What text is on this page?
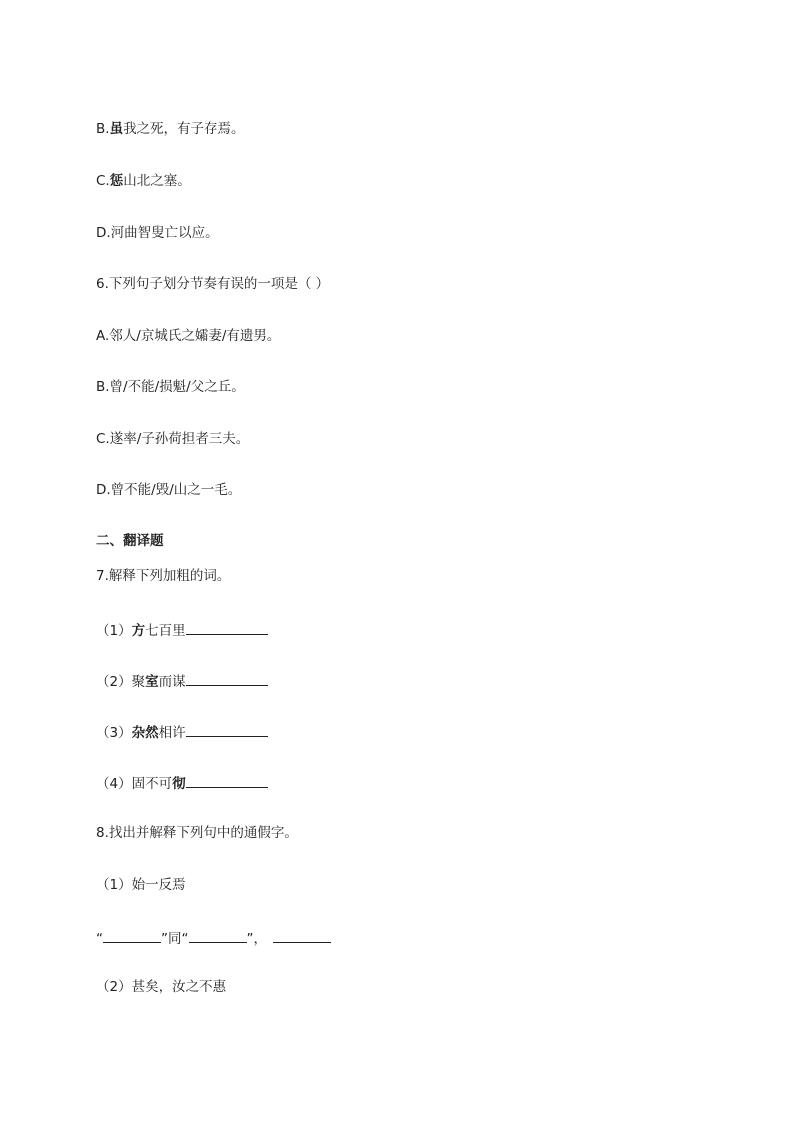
B.虽我之死，有子存焉。
C.惩山北之塞。
D.河曲智叟亡以应。
6.下列句子划分节奏有误的一项是（ ）
A.邻人/京城氏之孀妻/有遗男。
B.曾/不能/损魁/父之丘。
C.遂率/子孙荷担者三夫。
D.曾不能/毁/山之一毛。
二、翻译题
7.解释下列加粗的词。
（1）方七百里
（2）聚室而谋
（3）杂然相许
（4）固不可彻
8.找出并解释下列句中的通假字。
（1）始一反焉
“	”同“	”，
（2）甚矣，汝之不惠
